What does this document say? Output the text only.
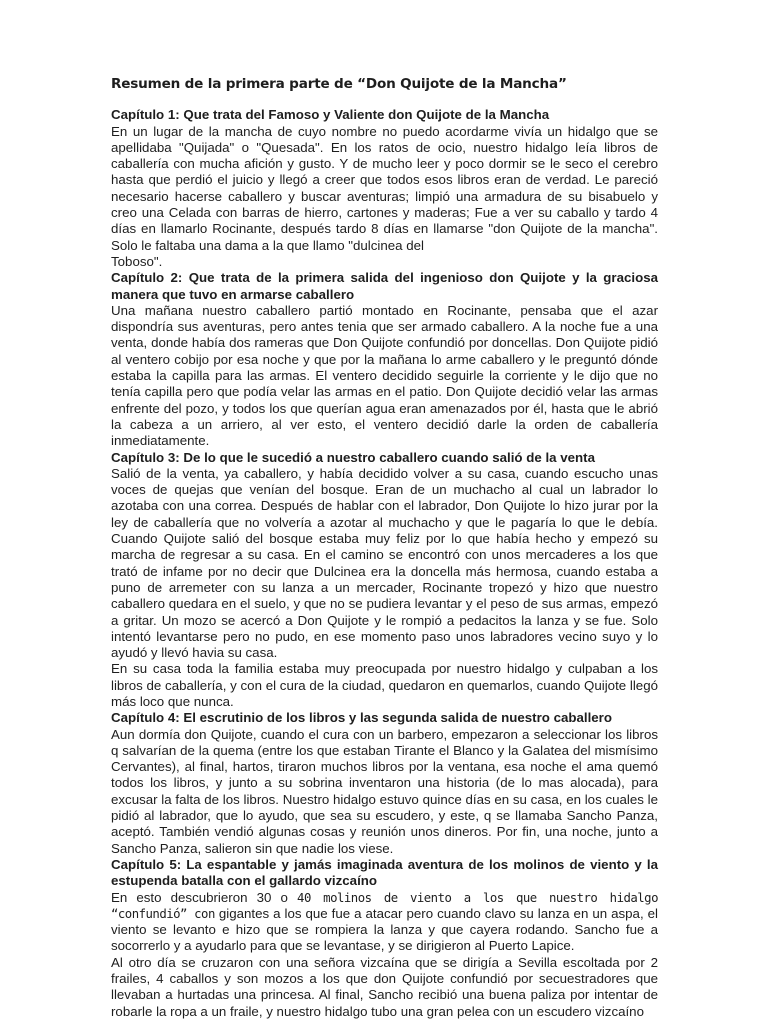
Resumen de la primera parte de “Don Quijote de la Mancha”

Capítulo 1: Que trata del Famoso y Valiente don Quijote de la Mancha

En un lugar de la mancha de cuyo nombre no puedo acordarme vivía un hidalgo que se apellidaba "Quijada" o "Quesada". En los ratos de ocio, nuestro hidalgo leía libros de caballería con mucha afición y gusto. Y de mucho leer y poco dormir se le seco el cerebro hasta que perdió el juicio y llegó a creer que todos esos libros eran de verdad. Le pareció necesario hacerse caballero y buscar aventuras; limpió una armadura de su bisabuelo y creo una Celada con barras de hierro, cartones y maderas; Fue a ver su caballo y tardo 4 días en llamarlo Rocinante, después tardo 8 días en llamarse "don Quijote de la mancha". Solo le faltaba una dama a la que llamo "dulcinea del

Toboso".

Capítulo 2: Que trata de la primera salida del ingenioso don Quijote y la graciosa manera que tuvo en armarse caballero

Una mañana nuestro caballero partió montado en Rocinante, pensaba que el azar dispondría sus aventuras, pero antes tenia que ser armado caballero. A la noche fue a una venta, donde había dos rameras que Don Quijote confundió por doncellas. Don Quijote pidió al ventero cobijo por esa noche y que por la mañana lo arme caballero y le preguntó dónde estaba la capilla para las armas. El ventero decidido seguirle la corriente y le dijo que no tenía capilla pero que podía velar las armas en el patio. Don Quijote decidió velar las armas enfrente del pozo, y todos los que querían agua eran amenazados por él, hasta que le abrió la cabeza a un arriero, al ver esto, el ventero decidió darle la orden de caballería inmediatamente.

Capítulo 3: De lo que le sucedió a nuestro caballero cuando salió de la venta

Salió de la venta, ya caballero, y había decidido volver a su casa, cuando escucho unas voces de quejas que venían del bosque. Eran de un muchacho al cual un labrador lo azotaba con una correa. Después de hablar con el labrador, Don Quijote lo hizo jurar por la ley de caballería que no volvería a azotar al muchacho y que le pagaría lo que le debía. Cuando Quijote salió del bosque estaba muy feliz por lo que había hecho y empezó su marcha de regresar a su casa. En el camino se encontró con unos mercaderes a los que trató de infame por no decir que Dulcinea era la doncella más hermosa, cuando estaba a puno de arremeter con su lanza a un mercader, Rocinante tropezó y hizo que nuestro caballero quedara en el suelo, y que no se pudiera levantar y el peso de sus armas, empezó a gritar. Un mozo se acercó a Don Quijote y le rompió a pedacitos la lanza y se fue. Solo intentó levantarse pero no pudo, en ese momento paso unos labradores vecino suyo y lo ayudó y llevó havia su casa.

En su casa toda la familia estaba muy preocupada por nuestro hidalgo y culpaban a los libros de caballería, y con el cura de la ciudad, quedaron en quemarlos, cuando Quijote llegó más loco que nunca.

Capítulo 4: El escrutinio de los libros y las segunda salida de nuestro caballero

Aun dormía don Quijote, cuando el cura con un barbero, empezaron a seleccionar los libros q salvarían de la quema (entre los que estaban Tirante el Blanco y la Galatea del mismísimo Cervantes), al final, hartos, tiraron muchos libros por la ventana, esa noche el ama quemó todos los libros, y junto a su sobrina inventaron una historia (de lo mas alocada), para excusar la falta de los libros. Nuestro hidalgo estuvo quince días en su casa, en los cuales le pidió al labrador, que lo ayudo, que sea su escudero, y este, q se llamaba Sancho Panza, aceptó. También vendió algunas cosas y reunión unos dineros. Por fin, una noche, junto a Sancho Panza, salieron sin que nadie los viese.

Capítulo 5: La espantable y jamás imaginada aventura de los molinos de viento y la estupenda batalla con el gallardo vizcaíno

En esto descubrieron 30 o 40 molinos de viento a los que nuestro hidalgo “confundió” con gigantes a los que fue a atacar pero cuando clavo su lanza en un aspa, el viento se levanto e hizo que se rompiera la lanza y que cayera rodando. Sancho fue a socorrerlo y a ayudarlo para que se levantase, y se dirigieron al Puerto Lapice.

Al otro día se cruzaron con una señora vizcaína que se dirigía a Sevilla escoltada por 2 frailes, 4 caballos y son mozos a los que don Quijote confundió por secuestradores que llevaban a hurtadas una princesa. Al final, Sancho recibió una buena paliza por intentar de robarle la ropa a un fraile, y nuestro hidalgo tubo una gran pelea con un escudero vizcaíno
